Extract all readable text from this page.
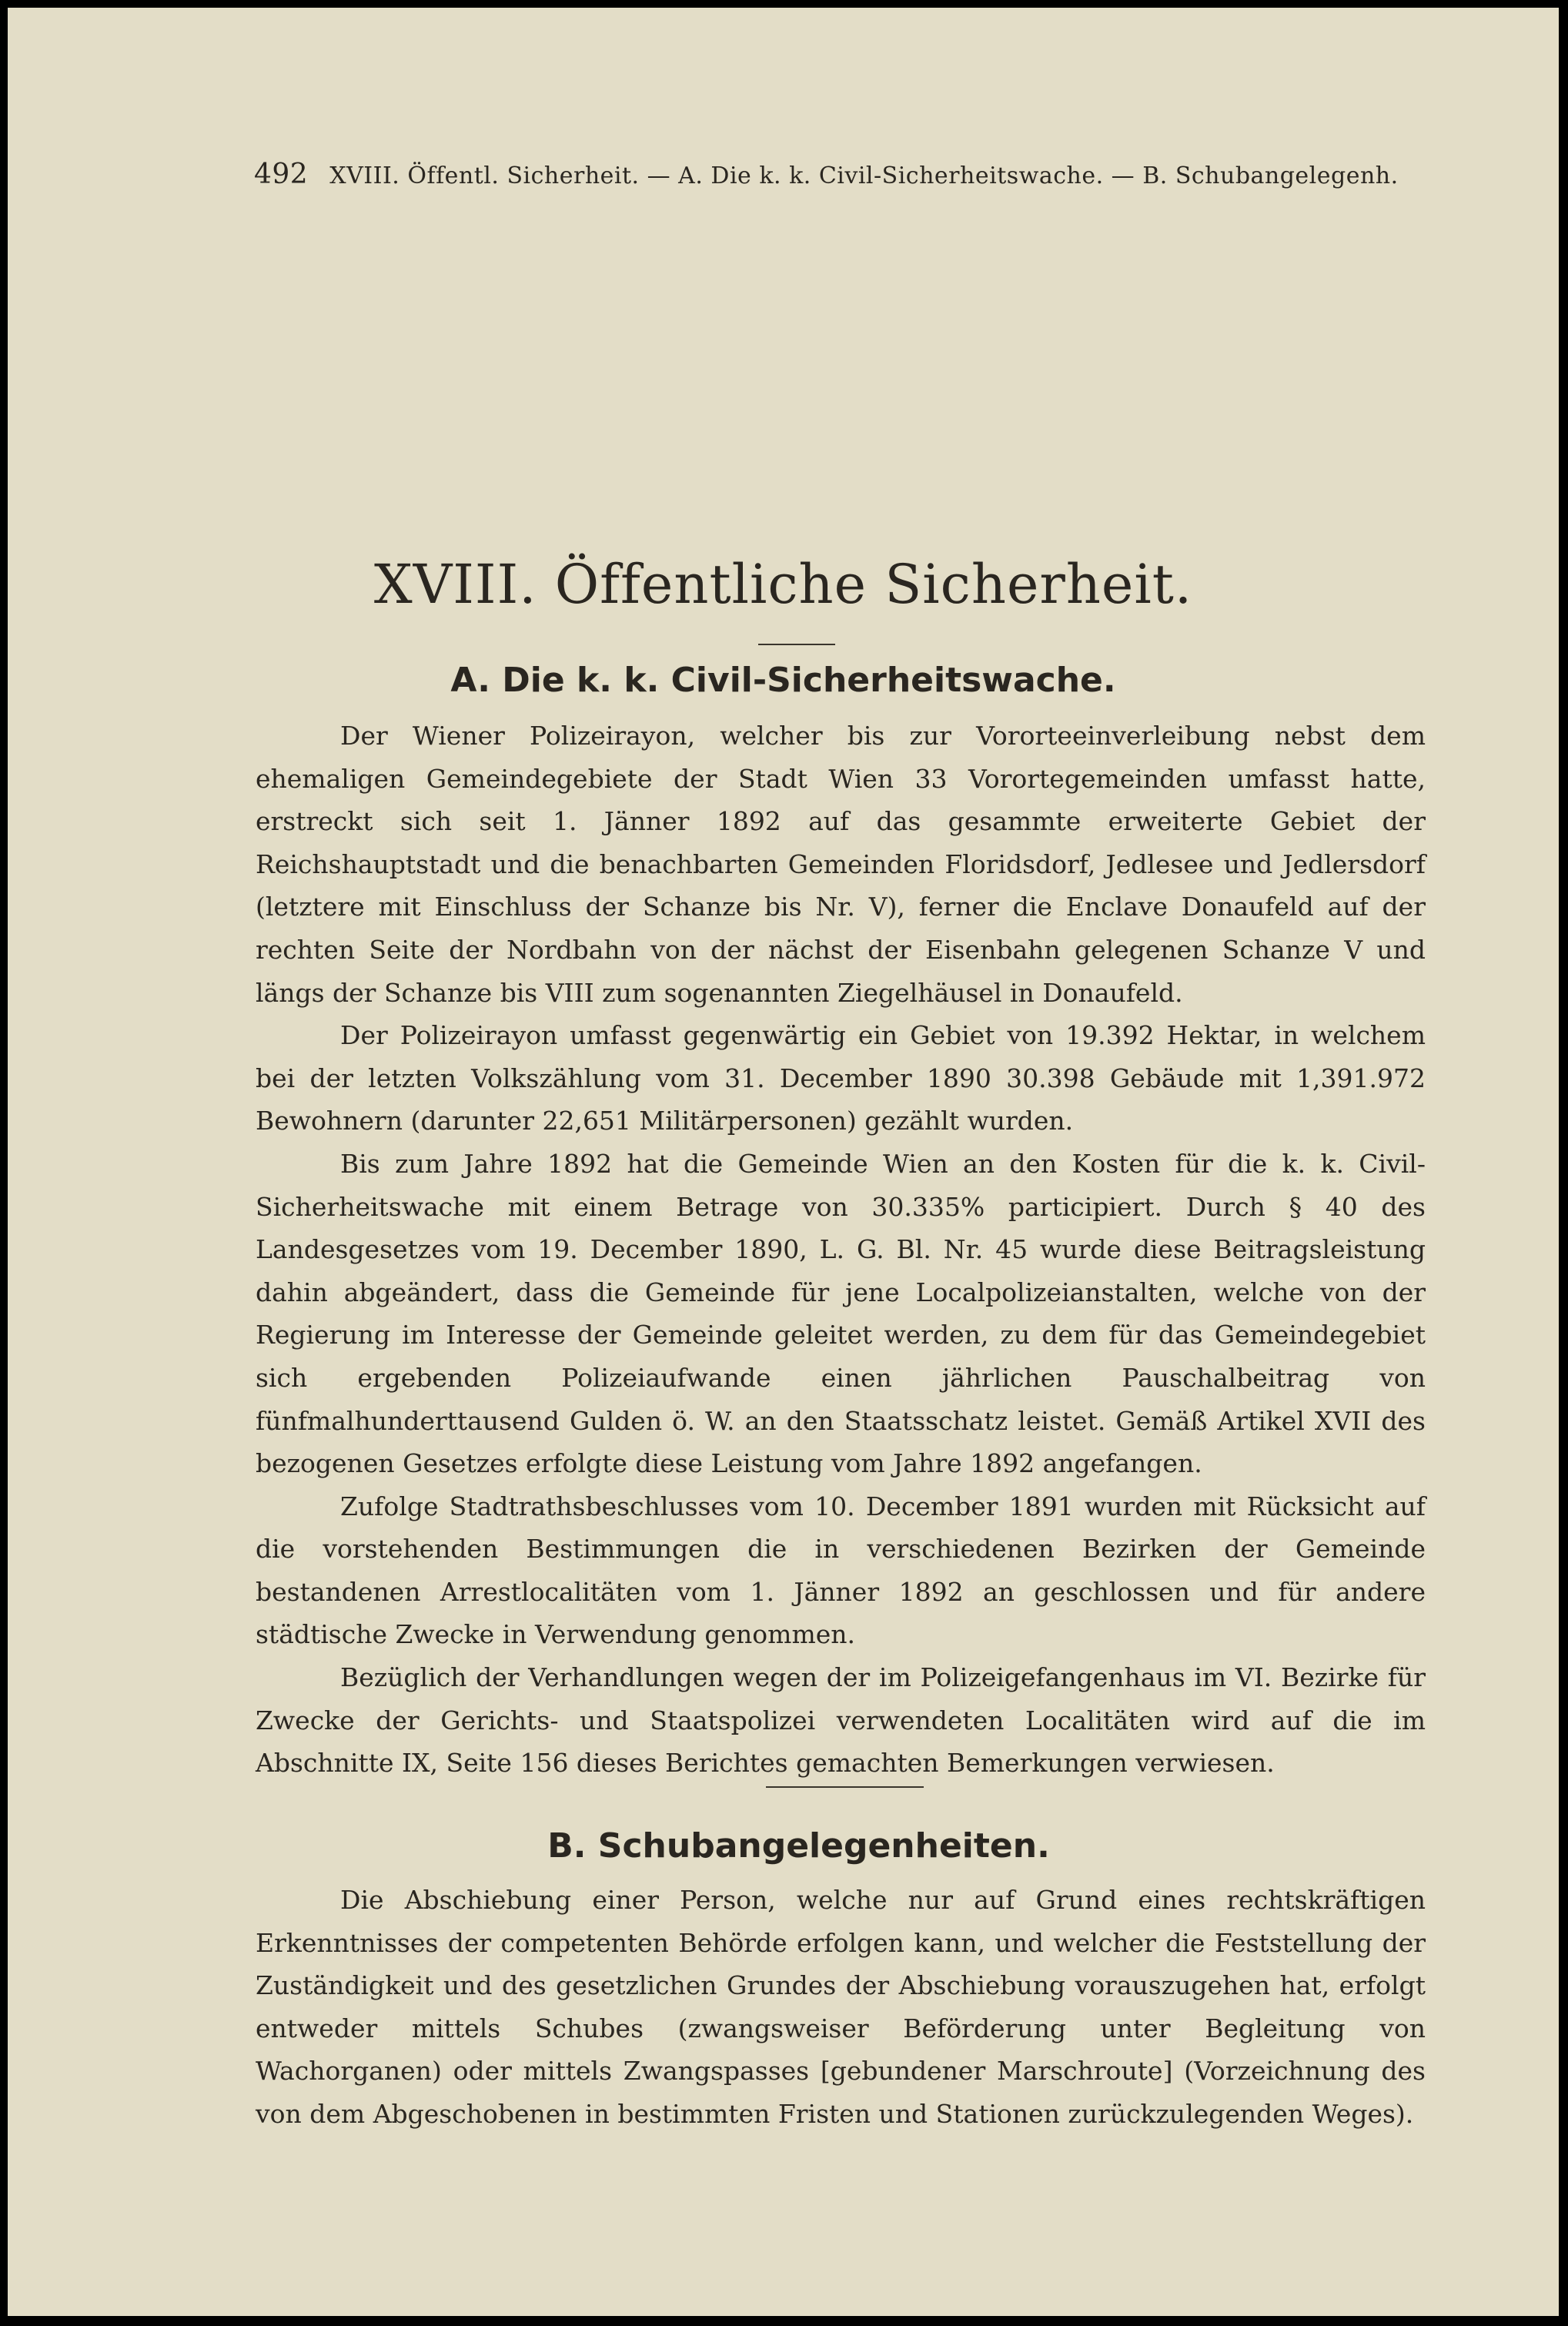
492 XVIII. Öffentl. Sicherheit. — A. Die k. k. Civil-Sicherheitswache. — B. Schubangelegenh.
XVIII. Öffentliche Sicherheit.
A. Die k. k. Civil-Sicherheitswache.

Der Wiener Polizeirayon, welcher bis zur Vororteeinverleibung nebst dem ehemaligen Gemeindegebiete der Stadt Wien 33 Vorortegemeinden umfasst hatte, erstreckt sich seit 1. Jänner 1892 auf das gesammte erweiterte Gebiet der Reichshauptstadt und die benachbarten Gemeinden Floridsdorf, Jedlesee und Jedlersdorf (letztere mit Einschluss der Schanze bis Nr. V), ferner die Enclave Donaufeld auf der rechten Seite der Nordbahn von der nächst der Eisenbahn gelegenen Schanze V und längs der Schanze bis VIII zum sogenannten Ziegelhäusel in Donaufeld.

Der Polizeirayon umfasst gegenwärtig ein Gebiet von 19.392 Hektar, in welchem bei der letzten Volkszählung vom 31. December 1890 30.398 Gebäude mit 1,391.972 Bewohnern (darunter 22,651 Militärpersonen) gezählt wurden.

Bis zum Jahre 1892 hat die Gemeinde Wien an den Kosten für die k. k. Civil-Sicherheitswache mit einem Betrage von 30.335% participiert. Durch § 40 des Landesgesetzes vom 19. December 1890, L. G. Bl. Nr. 45 wurde diese Beitragsleistung dahin abgeändert, dass die Gemeinde für jene Localpolizeianstalten, welche von der Regierung im Interesse der Gemeinde geleitet werden, zu dem für das Gemeindegebiet sich ergebenden Polizeiaufwande einen jährlichen Pauschalbeitrag von fünfmalhunderttausend Gulden ö. W. an den Staatsschatz leistet. Gemäß Artikel XVII des bezogenen Gesetzes erfolgte diese Leistung vom Jahre 1892 angefangen.

Zufolge Stadtrathsbeschlusses vom 10. December 1891 wurden mit Rücksicht auf die vorstehenden Bestimmungen die in verschiedenen Bezirken der Gemeinde bestandenen Arrestlocalitäten vom 1. Jänner 1892 an geschlossen und für andere städtische Zwecke in Verwendung genommen.

Bezüglich der Verhandlungen wegen der im Polizeigefangenhaus im VI. Bezirke für Zwecke der Gerichts- und Staatspolizei verwendeten Localitäten wird auf die im Abschnitte IX, Seite 156 dieses Berichtes gemachten Bemerkungen verwiesen.

B. Schubangelegenheiten.

Die Abschiebung einer Person, welche nur auf Grund eines rechtskräftigen Erkenntnisses der competenten Behörde erfolgen kann, und welcher die Feststellung der Zuständigkeit und des gesetzlichen Grundes der Abschiebung vorauszugehen hat, erfolgt entweder mittels Schubes (zwangsweiser Beförderung unter Begleitung von Wachorganen) oder mittels Zwangspasses [gebundener Marschroute] (Vorzeichnung des von dem Abgeschobenen in bestimmten Fristen und Stationen zurückzulegenden Weges).
